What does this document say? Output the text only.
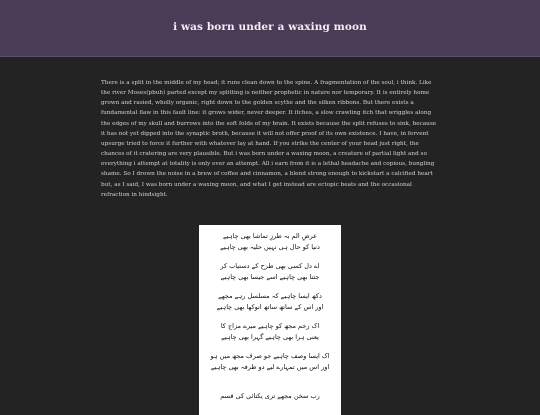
i was born under a waxing moon
There is a split in the middle of my head; it runs clean down to the spine. A fragmentation of the soul, i think. Like the river Moses(pbuh) parted except my splitting is neither prophetic in nature nor temporary. It is entirely home grown and rasied, wholly organic, right down to the golden scythe and the silken ribbons. But there exists a fundamental flaw in this fault line: it grows wider, never deeper. It itches, a slow crawling itch that wriggles along the edges of my skull and burrows into the soft folds of my brain. It exists because the split refuses to sink, because it has not yet dipped into the synaptic broth, because it will not offer proof of its own existence. I have, in fervent upsurge tried to force it further with whatever lay at hand. If you strike the center of your head just right, the chances of it cratering are very plausible. But i was born under a waxing moon, a creature of partial light and so everything i attempt at totality is only ever an attempt. All i earn from it is a lethal headache and copious, bungling shame. So I drown the noise in a brew of coffee and cinnamon, a blend strong enough to kickstart a calcified heart but, as I said, I was born under a waxing moon, and what I get instead are ectopic beats and the occasional refraction in hindsight.
عرضِ الم بہ طرزِ تماشا بھی چاہیے
دنیا کو حال ہی نہیں حلیہ بھی چاہیے
اے دل کسی بھی طرح کے دستیاب کر
جتنا بھی چاہیے اسے جیسا بھی چاہیے
دکھ ایسا چاہیے کہ مسلسل رہے مجھے
اور اس کے ساتھ ساتھ انوکھا بھی چاہیے
اک زخم مجھ کو چاہیے میرے مزاج کا
یعنی ہرا بھی چاہیے گہرا بھی چاہیے
اک ایسا وصف چاہیے جو صرف مجھ میں ہو
اور اس میں تمہارے لیے دو طرفہ بھی چاہیے
رب سخن مجھے تری یکتائی کی قسم
